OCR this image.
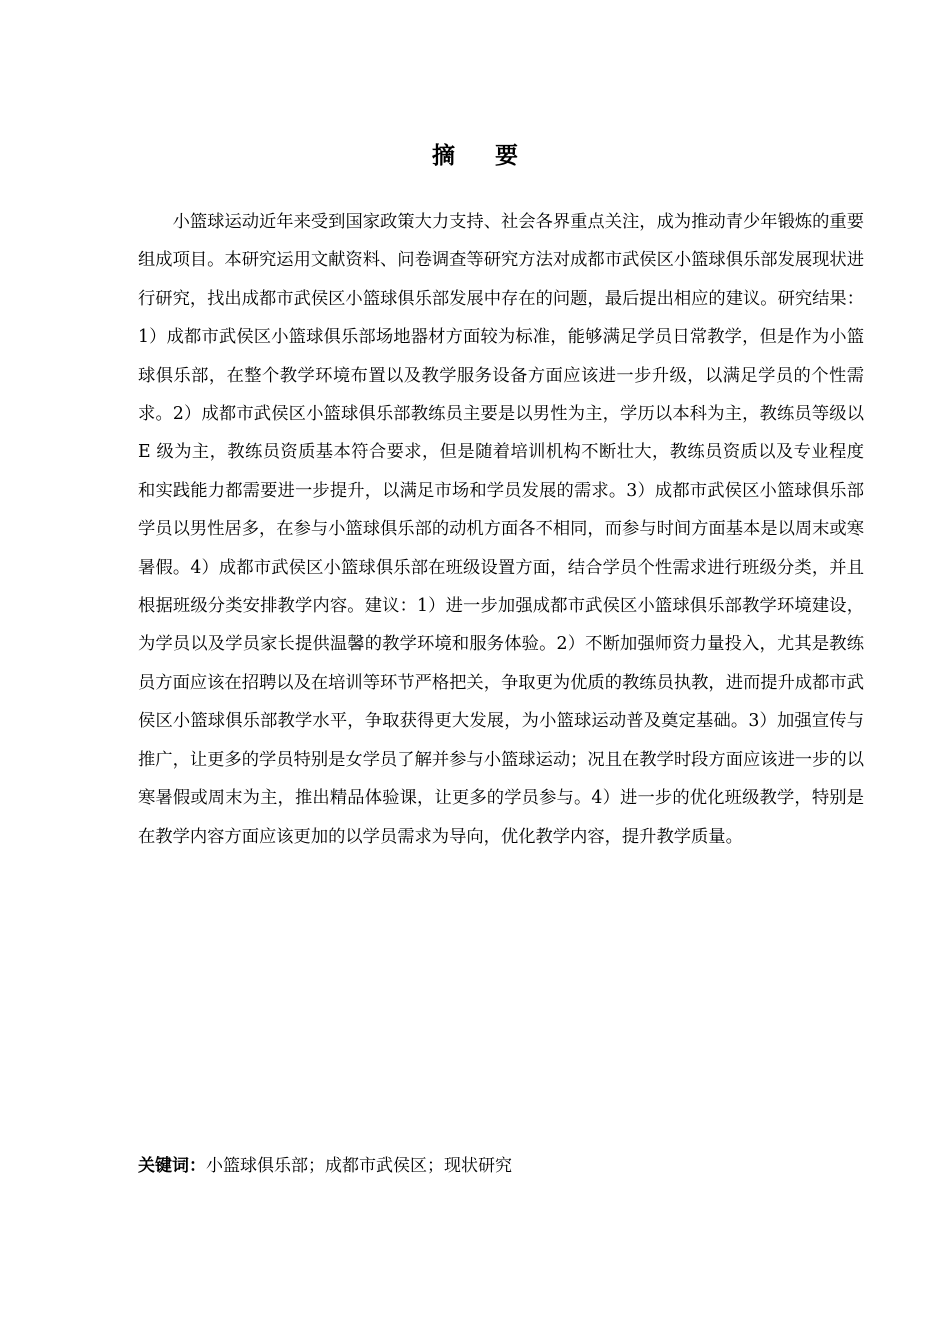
摘 要

小篮球运动近年来受到国家政策大力支持、社会各界重点关注，成为推动青少年锻炼的重要组成项目。本研究运用文献资料、问卷调查等研究方法对成都市武侯区小篮球俱乐部发展现状进行研究，找出成都市武侯区小篮球俱乐部发展中存在的问题，最后提出相应的建议。研究结果：1）成都市武侯区小篮球俱乐部场地器材方面较为标准，能够满足学员日常教学，但是作为小篮球俱乐部，在整个教学环境布置以及教学服务设备方面应该进一步升级，以满足学员的个性需求。2）成都市武侯区小篮球俱乐部教练员主要是以男性为主，学历以本科为主，教练员等级以 E 级为主，教练员资质基本符合要求，但是随着培训机构不断壮大，教练员资质以及专业程度和实践能力都需要进一步提升，以满足市场和学员发展的需求。3）成都市武侯区小篮球俱乐部学员以男性居多，在参与小篮球俱乐部的动机方面各不相同，而参与时间方面基本是以周末或寒暑假。4）成都市武侯区小篮球俱乐部在班级设置方面，结合学员个性需求进行班级分类，并且根据班级分类安排教学内容。建议：1）进一步加强成都市武侯区小篮球俱乐部教学环境建设，为学员以及学员家长提供温馨的教学环境和服务体验。2）不断加强师资力量投入，尤其是教练员方面应该在招聘以及在培训等环节严格把关，争取更为优质的教练员执教，进而提升成都市武侯区小篮球俱乐部教学水平，争取获得更大发展，为小篮球运动普及奠定基础。3）加强宣传与推广，让更多的学员特别是女学员了解并参与小篮球运动；况且在教学时段方面应该进一步的以寒暑假或周末为主，推出精品体验课，让更多的学员参与。4）进一步的优化班级教学，特别是在教学内容方面应该更加的以学员需求为导向，优化教学内容，提升教学质量。

关键词：小篮球俱乐部；成都市武侯区；现状研究
